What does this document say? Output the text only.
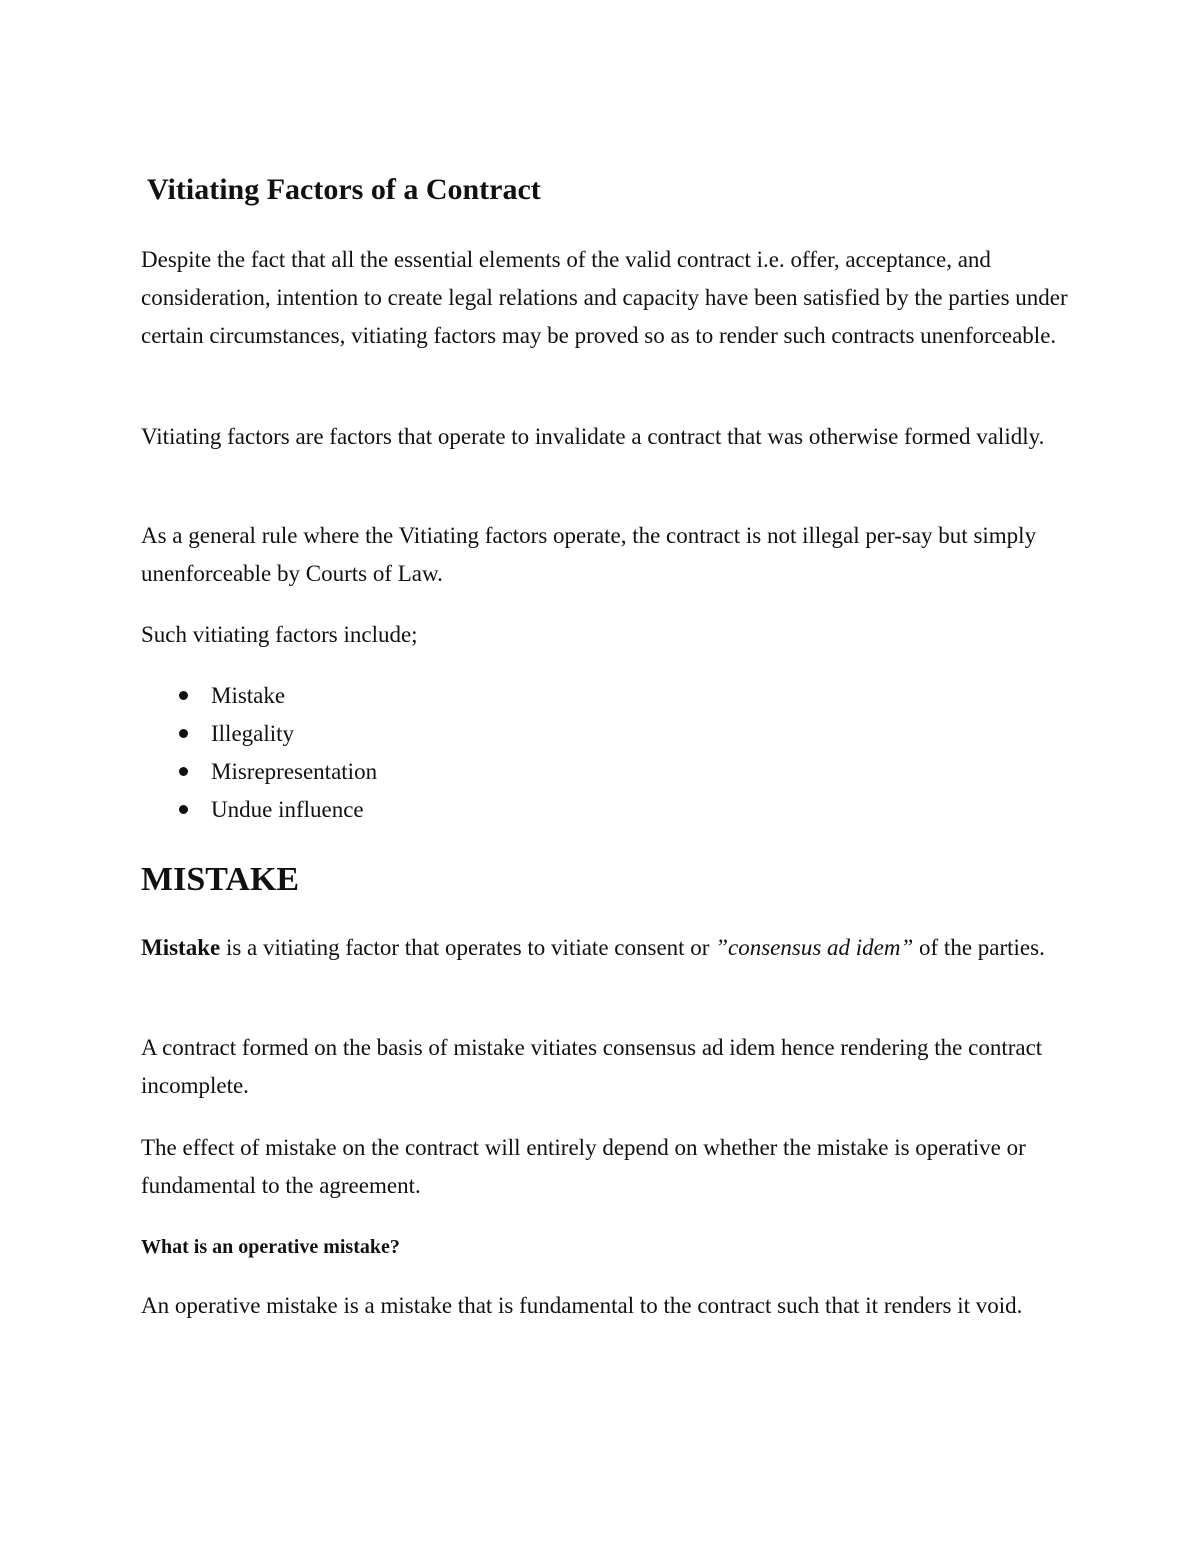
Vitiating Factors of a Contract

Despite the fact that all the essential elements of the valid contract i.e. offer, acceptance, and consideration, intention to create legal relations and capacity have been satisfied by the parties under certain circumstances, vitiating factors may be proved so as to render such contracts unenforceable.

Vitiating factors are factors that operate to invalidate a contract that was otherwise formed validly.

As a general rule where the Vitiating factors operate, the contract is not illegal per-say but simply unenforceable by Courts of Law.

Such vitiating factors include;

Mistake
Illegality
Misrepresentation
Undue influence
MISTAKE

Mistake is a vitiating factor that operates to vitiate consent or ”consensus ad idem” of the parties.

A contract formed on the basis of mistake vitiates consensus ad idem hence rendering the contract incomplete.

The effect of mistake on the contract will entirely depend on whether the mistake is operative or fundamental to the agreement.

What is an operative mistake?

An operative mistake is a mistake that is fundamental to the contract such that it renders it void.
